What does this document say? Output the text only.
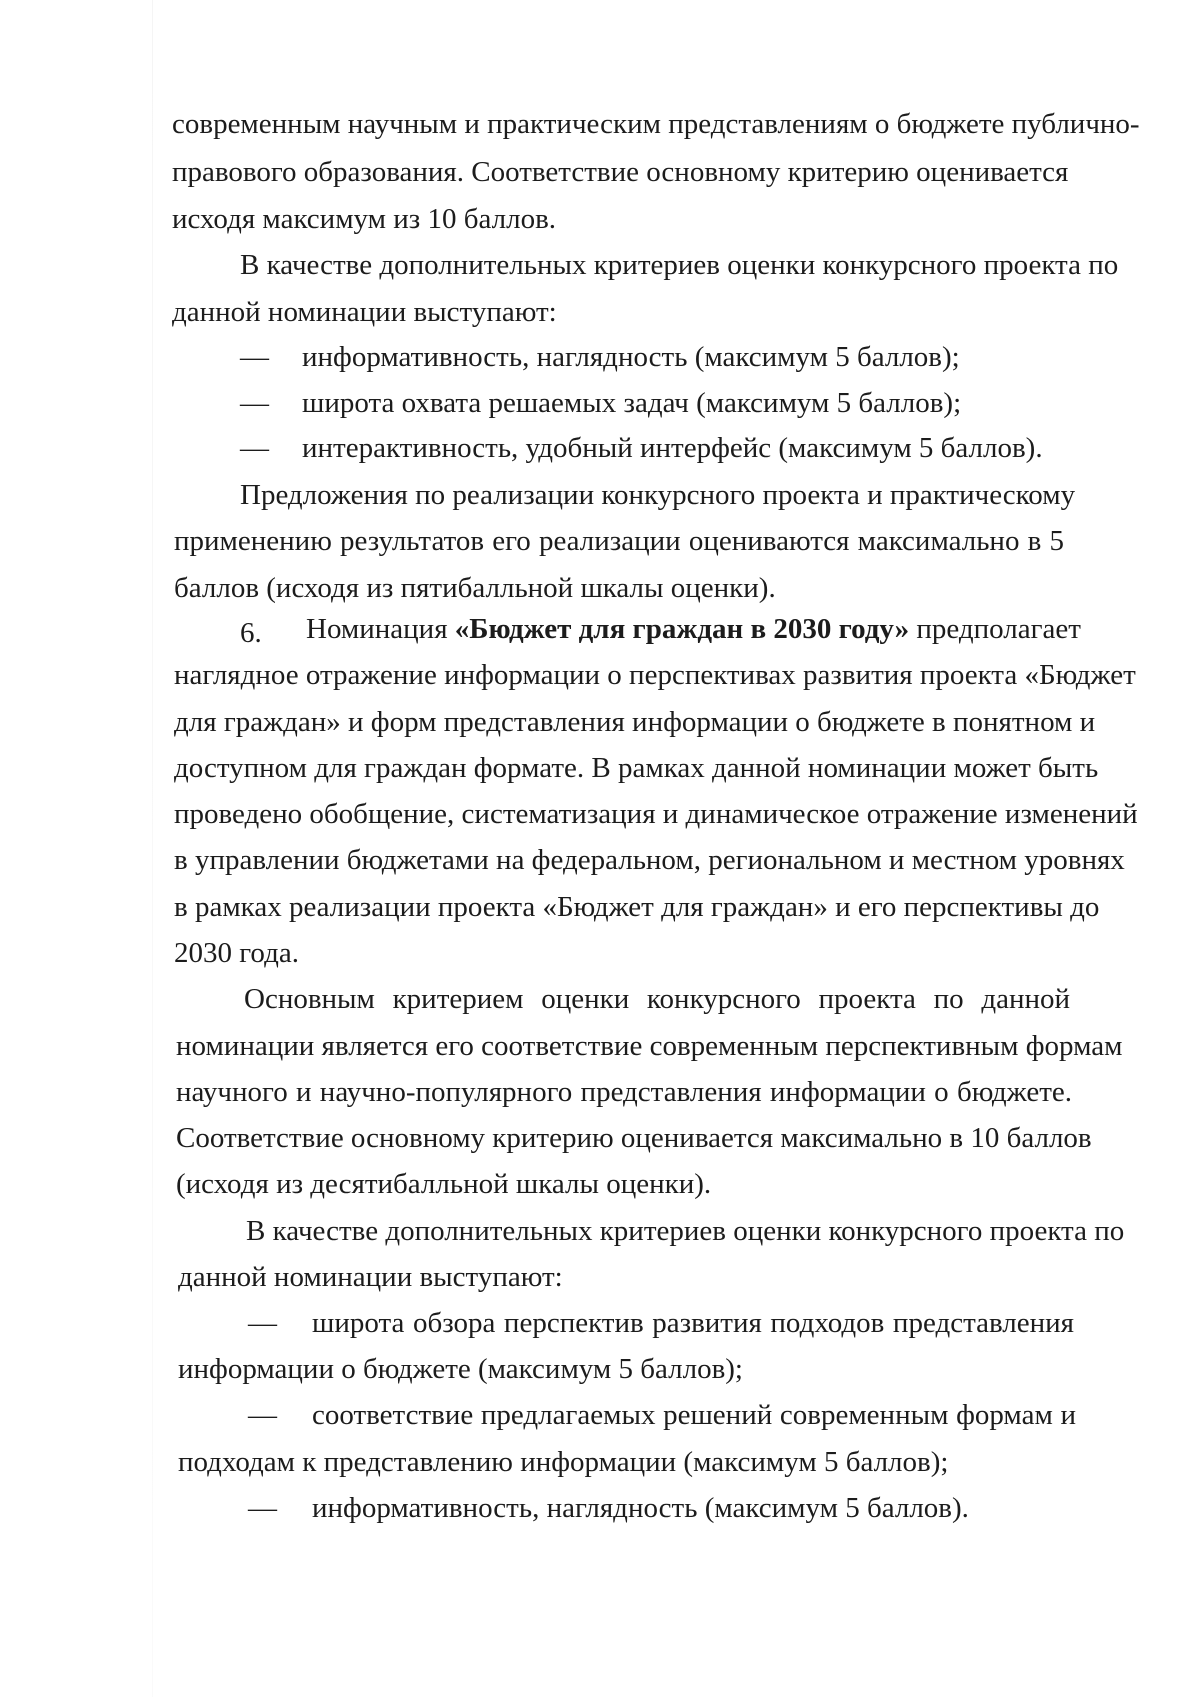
современным научным и практическим представлениям о бюджете публично-
правового образования. Соответствие основному критерию оценивается
исходя максимум из 10 баллов.
В качестве дополнительных критериев оценки конкурсного проекта по
данной номинации выступают:
— информативность, наглядность (максимум 5 баллов);
— широта охвата решаемых задач (максимум 5 баллов);
— интерактивность, удобный интерфейс (максимум 5 баллов).
Предложения по реализации конкурсного проекта и практическому
применению результатов его реализации оцениваются максимально в 5
баллов (исходя из пятибалльной шкалы оценки).
6. Номинация «Бюджет для граждан в 2030 году» предполагает
наглядное отражение информации о перспективах развития проекта «Бюджет
для граждан» и форм представления информации о бюджете в понятном и
доступном для граждан формате. В рамках данной номинации может быть
проведено обобщение, систематизация и динамическое отражение изменений
в управлении бюджетами на федеральном, региональном и местном уровнях
в рамках реализации проекта «Бюджет для граждан» и его перспективы до
2030 года.
Основным критерием оценки конкурсного проекта по данной
номинации является его соответствие современным перспективным формам
научного и научно-популярного представления информации о бюджете.
Соответствие основному критерию оценивается максимально в 10 баллов
(исходя из десятибалльной шкалы оценки).
В качестве дополнительных критериев оценки конкурсного проекта по
данной номинации выступают:
— широта обзора перспектив развития подходов представления
информации о бюджете (максимум 5 баллов);
— соответствие предлагаемых решений современным формам и
подходам к представлению информации (максимум 5 баллов);
— информативность, наглядность (максимум 5 баллов).
